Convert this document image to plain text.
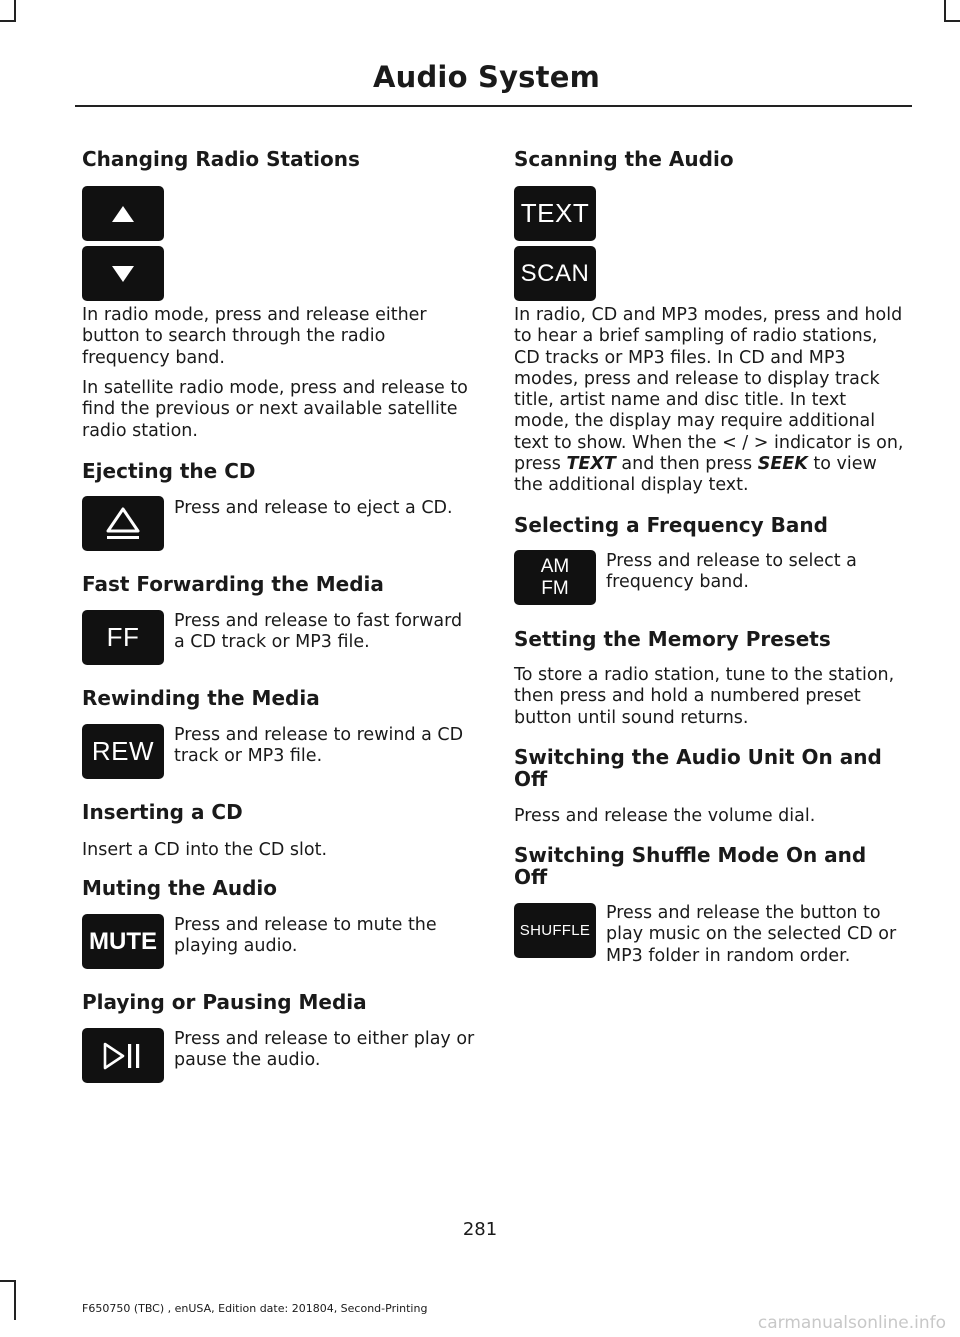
Audio System
Changing Radio Stations

In radio mode, press and release either button to search through the radio frequency band.

In satellite radio mode, press and release to find the previous or next available satellite radio station.

Ejecting the CD

Press and release to eject a CD.

Fast Forwarding the Media
FF

Press and release to fast forward a CD track or MP3 file.

Rewinding the Media
REW

Press and release to rewind a CD track or MP3 file.

Inserting a CD

Insert a CD into the CD slot.

Muting the Audio
MUTE

Press and release to mute the playing audio.

Playing or Pausing Media

Press and release to either play or pause the audio.

Scanning the Audio
TEXT
SCAN

In radio, CD and MP3 modes, press and hold to hear a brief sampling of radio stations, CD tracks or MP3 files. In CD and MP3 modes, press and release to display track title, artist name and disc title. In text mode, the display may require additional text to show. When the < / > indicator is on, press TEXT and then press SEEK to view the additional display text.

Selecting a Frequency Band
AM
FM

Press and release to select a frequency band.

Setting the Memory Presets

To store a radio station, tune to the station, then press and hold a numbered preset button until sound returns.

Switching the Audio Unit On and Off

Press and release the volume dial.

Switching Shuffle Mode On and Off
SHUFFLE

Press and release the button to play music on the selected CD or MP3 folder in random order.

281
F650750 (TBC) , enUSA, Edition date: 201804, Second-Printing
carmanualsonline.info
